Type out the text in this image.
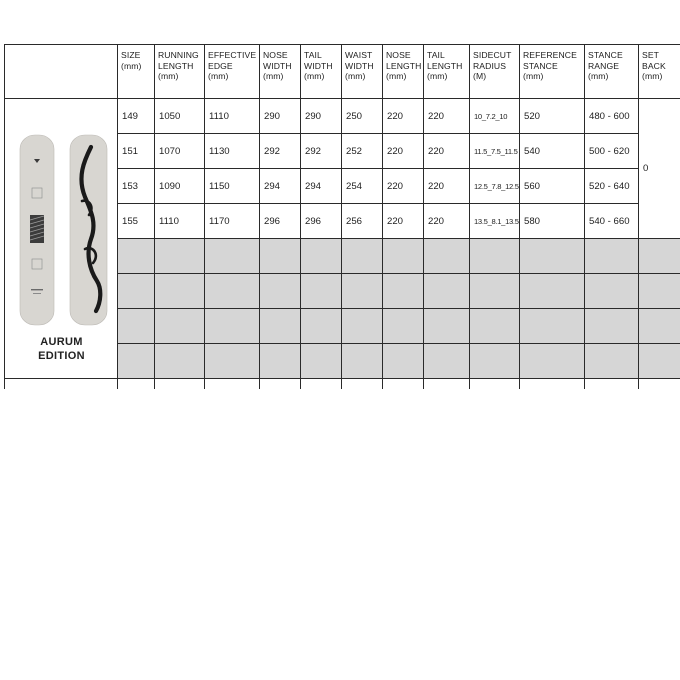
	SIZE
(mm)	RUNNING
LENGTH
(mm)	EFFECTIVE
EDGE
(mm)	NOSE
WIDTH
(mm)	TAIL
WIDTH
(mm)	WAIST
WIDTH
(mm)	NOSE
LENGTH
(mm)	TAIL
LENGTH
(mm)	SIDECUT
RADIUS
(M)	REFERENCE
STANCE
(mm)	STANCE
RANGE
(mm)	SET
BACK
(mm)

AURUM
EDITION	149	1050	1110	290	290	250	220	220	10_7.2_10	520	480 - 600	0
	151	1070	1130	292	292	252	220	220	11.5_7.5_11.5	540	500 - 620	
	153	1090	1150	294	294	254	220	220	12.5_7.8_12.5	560	520 - 640	
	155	1110	1170	296	296	256	220	220	13.5_8.1_13.5	580	540 - 660	
